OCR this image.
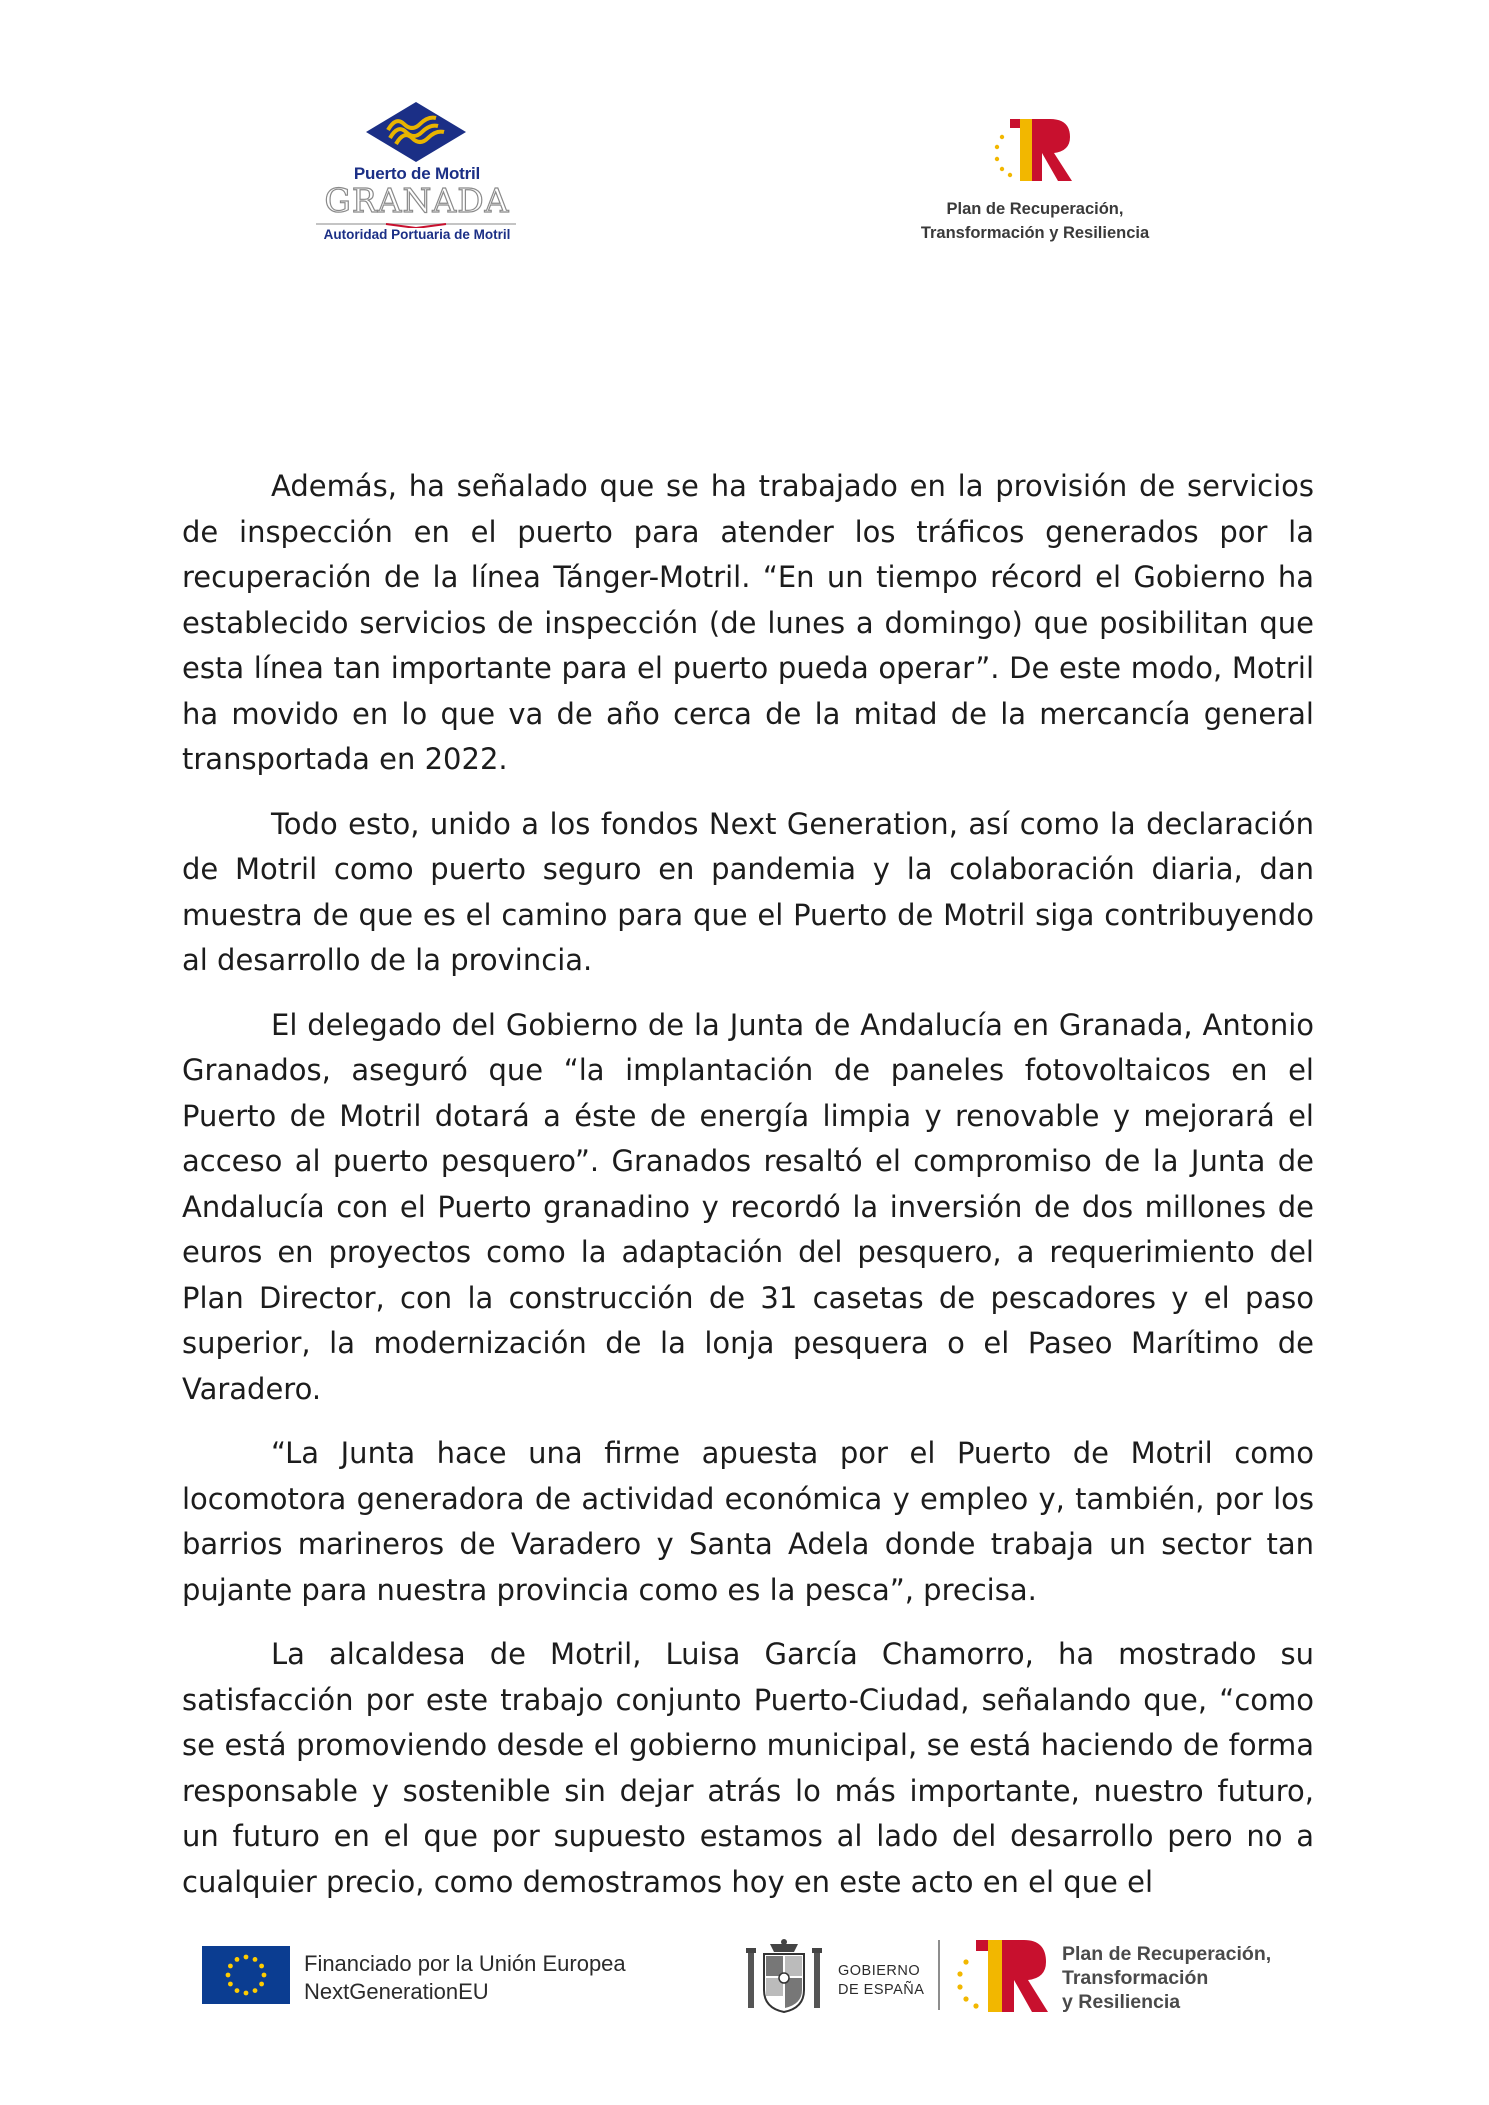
Puerto de Motril
GRANADA
Autoridad Portuaria de Motril
Plan de Recuperación,
Transformación y Resiliencia

Además, ha señalado que se ha trabajado en la provisión de servicios de inspección en el puerto para atender los tráficos generados por la recuperación de la línea Tánger-Motril. “En un tiempo récord el Gobierno ha establecido servicios de inspección (de lunes a domingo) que posibilitan que esta línea tan importante para el puerto pueda operar”. De este modo, Motril ha movido en lo que va de año cerca de la mitad de la mercancía general transportada en 2022.

Todo esto, unido a los fondos Next Generation, así como la declaración de Motril como puerto seguro en pandemia y la colaboración diaria, dan muestra de que es el camino para que el Puerto de Motril siga contribuyendo al desarrollo de la provincia.

El delegado del Gobierno de la Junta de Andalucía en Granada, Antonio Granados, aseguró que “la implantación de paneles fotovoltaicos en el Puerto de Motril dotará a éste de energía limpia y renovable y mejorará el acceso al puerto pesquero”. Granados resaltó el compromiso de la Junta de Andalucía con el Puerto granadino y recordó la inversión de dos millones de euros en proyectos como la adaptación del pesquero, a requerimiento del Plan Director, con la construcción de 31 casetas de pescadores y el paso superior, la modernización de la lonja pesquera o el Paseo Marítimo de Varadero.

“La Junta hace una firme apuesta por el Puerto de Motril como locomotora generadora de actividad económica y empleo y, también, por los barrios marineros de Varadero y Santa Adela donde trabaja un sector tan pujante para nuestra provincia como es la pesca”, precisa.

La alcaldesa de Motril, Luisa García Chamorro, ha mostrado su satisfacción por este trabajo conjunto Puerto-Ciudad, señalando que, “como se está promoviendo desde el gobierno municipal, se está haciendo de forma responsable y sostenible sin dejar atrás lo más importante, nuestro futuro, un futuro en el que por supuesto estamos al lado del desarrollo pero no a cualquier precio, como demostramos hoy en este acto en el que el

Financiado por la Unión Europea
NextGenerationEU
GOBIERNO
DE ESPAÑA
Plan de Recuperación,
Transformación
y Resiliencia
